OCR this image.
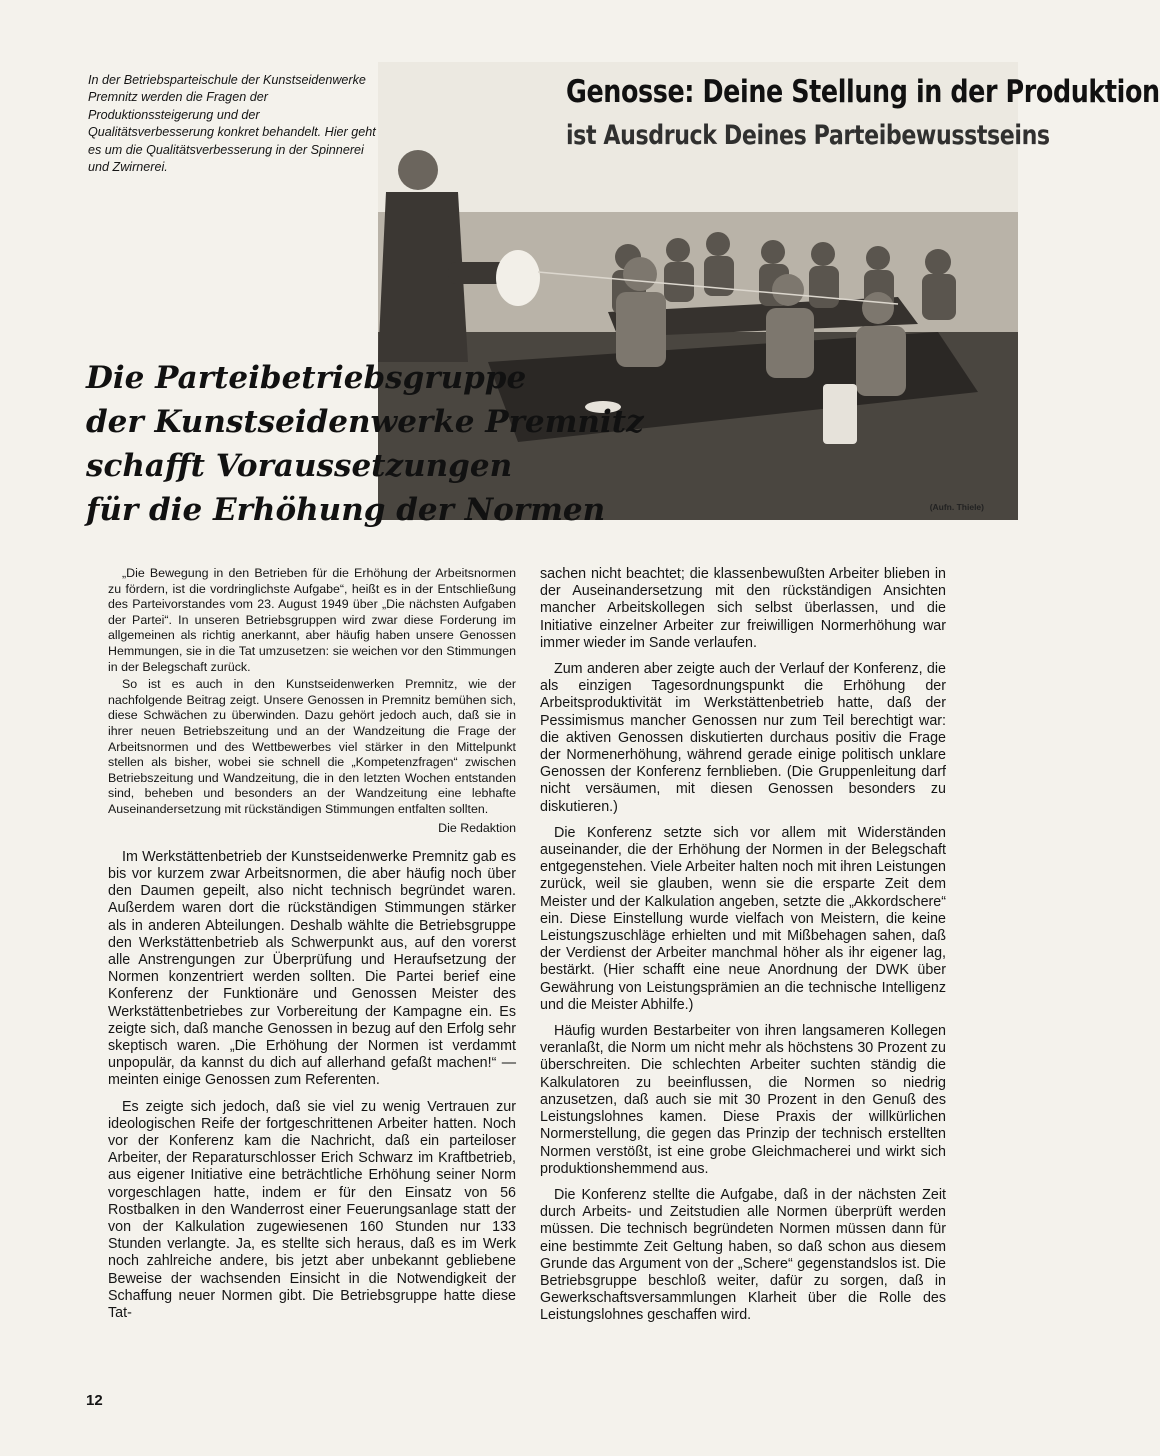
In der Betriebsparteischule der Kunstseidenwerke Premnitz werden die Fragen der Produktionssteigerung und der Qualitätsverbesserung konkret behandelt. Hier geht es um die Qualitätsverbesserung in der Spinnerei und Zwirnerei.
Genosse: Deine Stellung in der Produktion
ist Ausdruck Deines Parteibewusstseins
(Aufn. Thiele)
Die Parteibetriebsgruppe
der Kunstseidenwerke Premnitz
schafft Voraussetzungen
für die Erhöhung der Normen

„Die Bewegung in den Betrieben für die Erhöhung der Arbeitsnormen zu fördern, ist die vordringlichste Aufgabe“, heißt es in der Entschließung des Parteivorstandes vom 23. August 1949 über „Die nächsten Aufgaben der Partei“. In unseren Betriebsgruppen wird zwar diese Forderung im allgemeinen als richtig anerkannt, aber häufig haben unsere Genossen Hemmungen, sie in die Tat umzusetzen: sie weichen vor den Stimmungen in der Belegschaft zurück.

So ist es auch in den Kunstseidenwerken Premnitz, wie der nachfolgende Beitrag zeigt. Unsere Genossen in Premnitz bemühen sich, diese Schwächen zu überwinden. Dazu gehört jedoch auch, daß sie in ihrer neuen Betriebszeitung und an der Wandzeitung die Frage der Arbeitsnormen und des Wettbewerbes viel stärker in den Mittelpunkt stellen als bisher, wobei sie schnell die „Kompetenzfragen“ zwischen Betriebszeitung und Wandzeitung, die in den letzten Wochen entstanden sind, beheben und besonders an der Wandzeitung eine lebhafte Auseinandersetzung mit rückständigen Stimmungen entfalten sollten.

Die Redaktion

Im Werkstättenbetrieb der Kunstseidenwerke Premnitz gab es bis vor kurzem zwar Arbeitsnormen, die aber häufig noch über den Daumen gepeilt, also nicht technisch begründet waren. Außerdem waren dort die rückständigen Stimmungen stärker als in anderen Abteilungen. Deshalb wählte die Betriebsgruppe den Werkstättenbetrieb als Schwerpunkt aus, auf den vorerst alle Anstrengungen zur Überprüfung und Heraufsetzung der Normen konzentriert werden sollten. Die Partei berief eine Konferenz der Funktionäre und Genossen Meister des Werkstättenbetriebes zur Vorbereitung der Kampagne ein. Es zeigte sich, daß manche Genossen in bezug auf den Erfolg sehr skeptisch waren. „Die Erhöhung der Normen ist verdammt unpopulär, da kannst du dich auf allerhand gefaßt machen!“ — meinten einige Genossen zum Referenten.

Es zeigte sich jedoch, daß sie viel zu wenig Vertrauen zur ideologischen Reife der fortgeschrittenen Arbeiter hatten. Noch vor der Konferenz kam die Nachricht, daß ein parteiloser Arbeiter, der Reparaturschlosser Erich Schwarz im Kraftbetrieb, aus eigener Initiative eine beträchtliche Erhöhung seiner Norm vorgeschlagen hatte, indem er für den Einsatz von 56 Rostbalken in den Wanderrost einer Feuerungsanlage statt der von der Kalkulation zugewiesenen 160 Stunden nur 133 Stunden verlangte. Ja, es stellte sich heraus, daß es im Werk noch zahlreiche andere, bis jetzt aber unbekannt gebliebene Beweise der wachsenden Einsicht in die Notwendigkeit der Schaffung neuer Normen gibt. Die Betriebsgruppe hatte diese Tat-

sachen nicht beachtet; die klassenbewußten Arbeiter blieben in der Auseinandersetzung mit den rückständigen Ansichten mancher Arbeitskollegen sich selbst überlassen, und die Initiative einzelner Arbeiter zur freiwilligen Normerhöhung war immer wieder im Sande verlaufen.

Zum anderen aber zeigte auch der Verlauf der Konferenz, die als einzigen Tagesordnungspunkt die Erhöhung der Arbeitsproduktivität im Werkstättenbetrieb hatte, daß der Pessimismus mancher Genossen nur zum Teil berechtigt war: die aktiven Genossen diskutierten durchaus positiv die Frage der Normenerhöhung, während gerade einige politisch unklare Genossen der Konferenz fernblieben. (Die Gruppenleitung darf nicht versäumen, mit diesen Genossen besonders zu diskutieren.)

Die Konferenz setzte sich vor allem mit Widerständen auseinander, die der Erhöhung der Normen in der Belegschaft entgegenstehen. Viele Arbeiter halten noch mit ihren Leistungen zurück, weil sie glauben, wenn sie die ersparte Zeit dem Meister und der Kalkulation angeben, setzte die „Akkordschere“ ein. Diese Einstellung wurde vielfach von Meistern, die keine Leistungszuschläge erhielten und mit Mißbehagen sahen, daß der Verdienst der Arbeiter manchmal höher als ihr eigener lag, bestärkt. (Hier schafft eine neue Anordnung der DWK über Gewährung von Leistungsprämien an die technische Intelligenz und die Meister Abhilfe.)

Häufig wurden Bestarbeiter von ihren langsameren Kollegen veranlaßt, die Norm um nicht mehr als höchstens 30 Prozent zu überschreiten. Die schlechten Arbeiter suchten ständig die Kalkulatoren zu beeinflussen, die Normen so niedrig anzusetzen, daß auch sie mit 30 Prozent in den Genuß des Leistungslohnes kamen. Diese Praxis der willkürlichen Normerstellung, die gegen das Prinzip der technisch erstellten Normen verstößt, ist eine grobe Gleichmacherei und wirkt sich produktionshemmend aus.

Die Konferenz stellte die Aufgabe, daß in der nächsten Zeit durch Arbeits- und Zeitstudien alle Normen überprüft werden müssen. Die technisch begründeten Normen müssen dann für eine bestimmte Zeit Geltung haben, so daß schon aus diesem Grunde das Argument von der „Schere“ gegenstandslos ist. Die Betriebsgruppe beschloß weiter, dafür zu sorgen, daß in Gewerkschaftsversammlungen Klarheit über die Rolle des Leistungslohnes geschaffen wird.

12
